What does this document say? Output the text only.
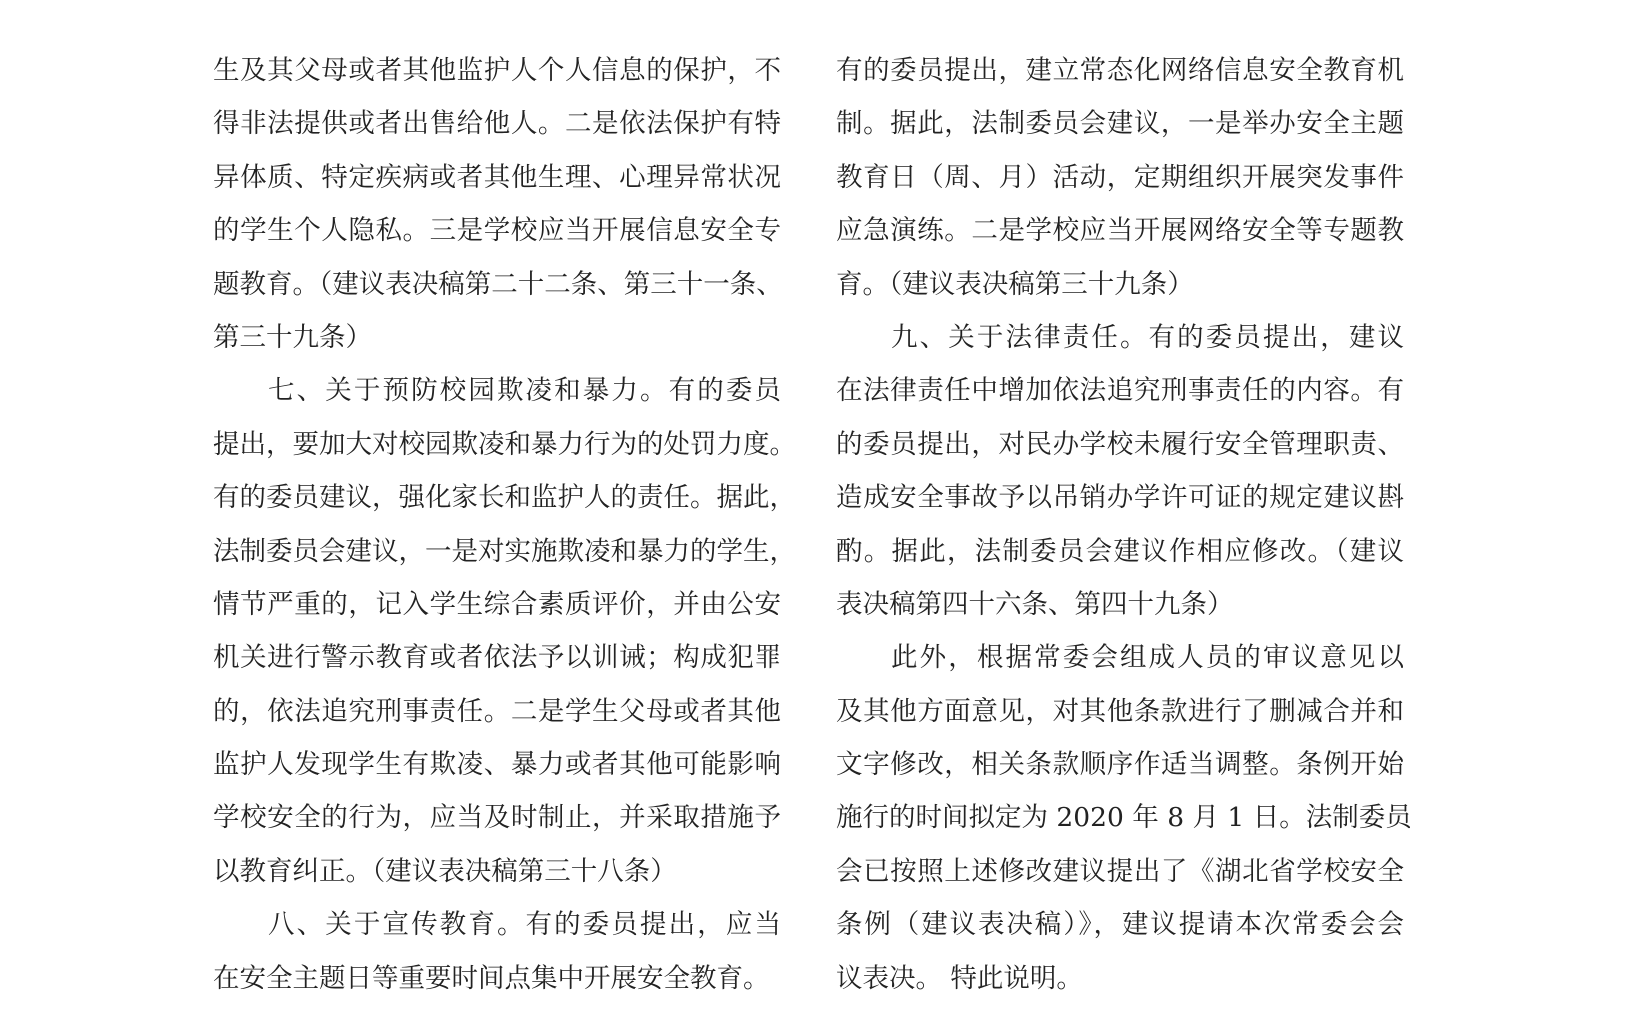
生及其父母或者其他监护人个人信息的保护，不
得非法提供或者出售给他人。二是依法保护有特
异体质、特定疾病或者其他生理、心理异常状况
的学生个人隐私。三是学校应当开展信息安全专
题教育。（建议表决稿第二十二条、第三十一条、
第三十九条）
七、关于预防校园欺凌和暴力。有的委员
提出，要加大对校园欺凌和暴力行为的处罚力度。
有的委员建议，强化家长和监护人的责任。据此，
法制委员会建议，一是对实施欺凌和暴力的学生，
情节严重的，记入学生综合素质评价，并由公安
机关进行警示教育或者依法予以训诫；构成犯罪
的，依法追究刑事责任。二是学生父母或者其他
监护人发现学生有欺凌、暴力或者其他可能影响
学校安全的行为，应当及时制止，并采取措施予
以教育纠正。（建议表决稿第三十八条）
八、关于宣传教育。有的委员提出，应当
在安全主题日等重要时间点集中开展安全教育。
有的委员提出，建立常态化网络信息安全教育机
制。据此，法制委员会建议，一是举办安全主题
教育日（周、月）活动，定期组织开展突发事件
应急演练。二是学校应当开展网络安全等专题教
育。（建议表决稿第三十九条）
九、关于法律责任。有的委员提出，建议
在法律责任中增加依法追究刑事责任的内容。有
的委员提出，对民办学校未履行安全管理职责、
造成安全事故予以吊销办学许可证的规定建议斟
酌。据此，法制委员会建议作相应修改。（建议
表决稿第四十六条、第四十九条）
此外，根据常委会组成人员的审议意见以
及其他方面意见，对其他条款进行了删减合并和
文字修改，相关条款顺序作适当调整。条例开始
施行的时间拟定为 2020 年 8 月 1 日。法制委员
会已按照上述修改建议提出了《湖北省学校安全
条例（建议表决稿）》，建议提请本次常委会会
议表决。 特此说明。
